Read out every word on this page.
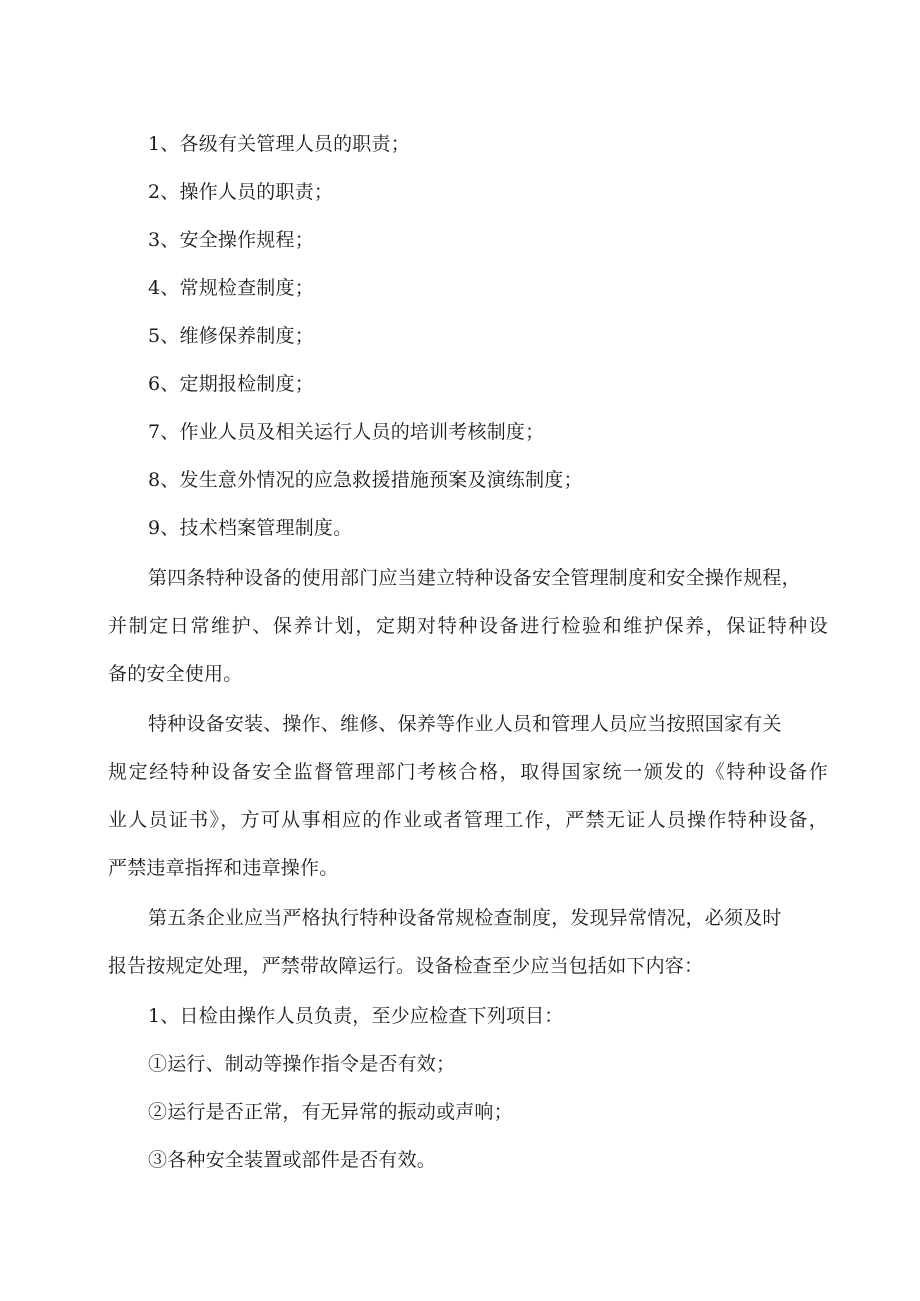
1、各级有关管理人员的职责；
2、操作人员的职责；
3、安全操作规程；
4、常规检查制度；
5、维修保养制度；
6、定期报检制度；
7、作业人员及相关运行人员的培训考核制度；
8、发生意外情况的应急救援措施预案及演练制度；
9、技术档案管理制度。
第四条特种设备的使用部门应当建立特种设备安全管理制度和安全操作规程，
并制定日常维护、保养计划，定期对特种设备进行检验和维护保养，保证特种设
备的安全使用。
特种设备安装、操作、维修、保养等作业人员和管理人员应当按照国家有关
规定经特种设备安全监督管理部门考核合格，取得国家统一颁发的《特种设备作
业人员证书》，方可从事相应的作业或者管理工作，严禁无证人员操作特种设备，
严禁违章指挥和违章操作。
第五条企业应当严格执行特种设备常规检查制度，发现异常情况，必须及时
报告按规定处理，严禁带故障运行。设备检查至少应当包括如下内容：
1、日检由操作人员负责，至少应检查下列项目：
①运行、制动等操作指令是否有效；
②运行是否正常，有无异常的振动或声响；
③各种安全装置或部件是否有效。
